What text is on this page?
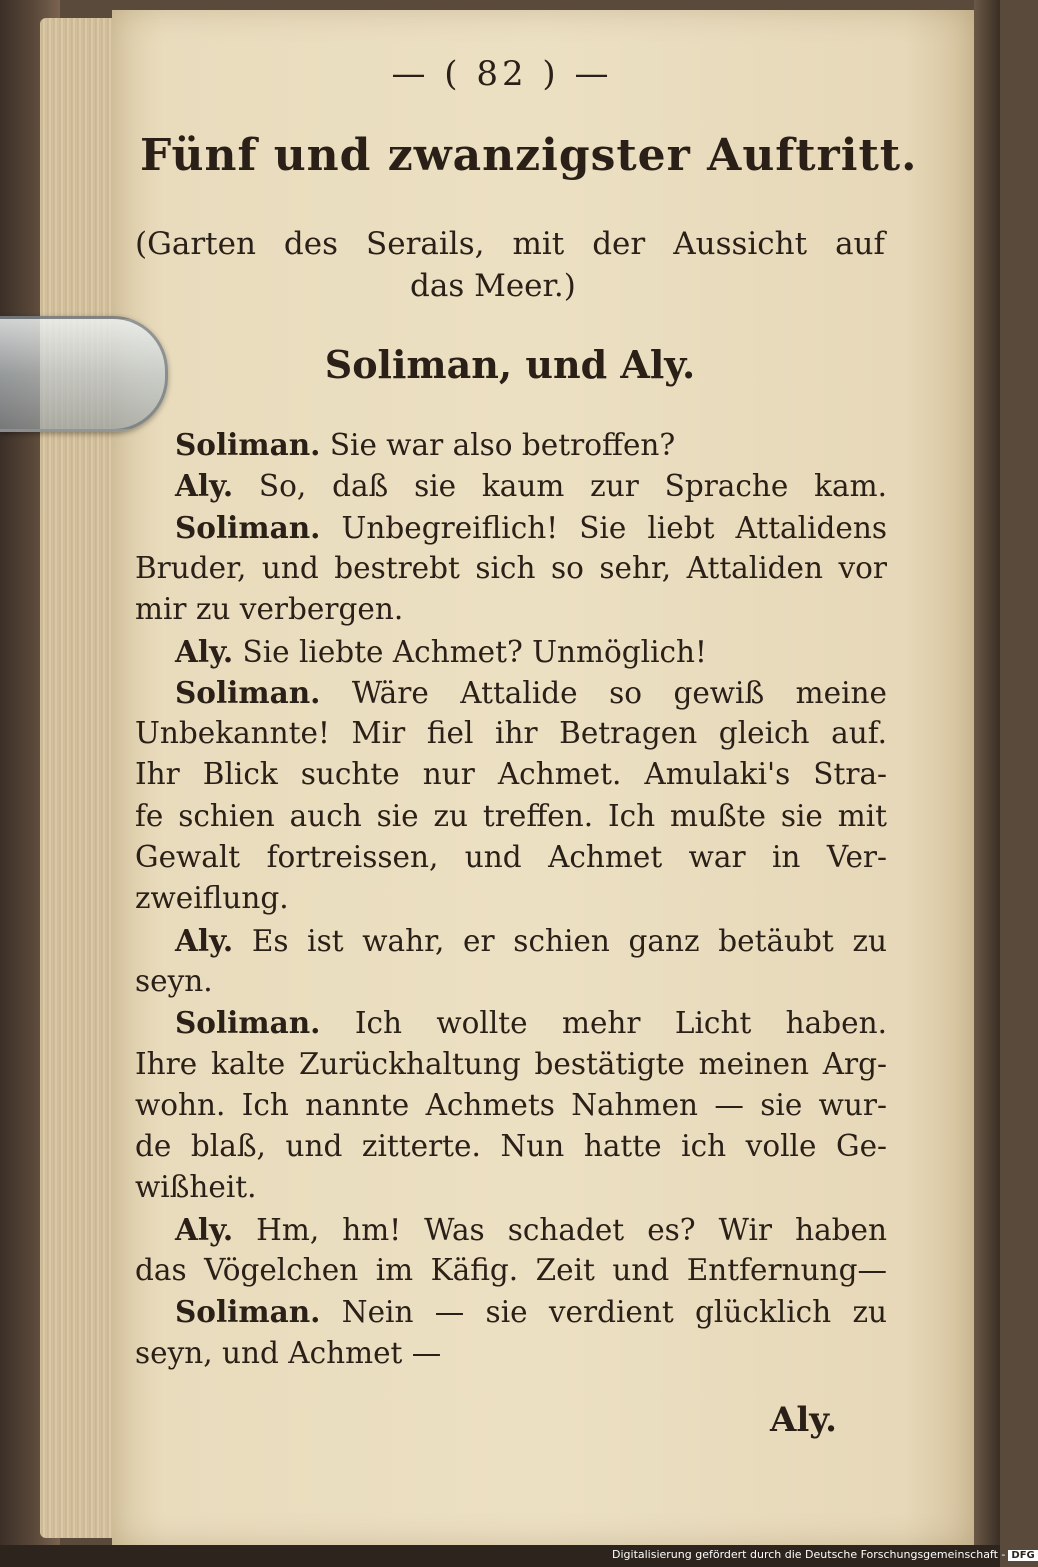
— ( 82 ) —
Fünf und zwanzigster Auftritt.
(Garten des Serails, mit der Aussicht auf
das Meer.)
Soliman, und Aly.
Soliman. Sie war also betroffen?
Aly. So, daß sie kaum zur Sprache kam.
Soliman. Unbegreiflich! Sie liebt Attalidens
Bruder, und bestrebt sich so sehr, Attaliden vor
mir zu verbergen.
Aly. Sie liebte Achmet? Unmöglich!
Soliman. Wäre Attalide so gewiß meine
Unbekannte! Mir fiel ihr Betragen gleich auf.
Ihr Blick suchte nur Achmet. Amulaki's Stra-
fe schien auch sie zu treffen. Ich mußte sie mit
Gewalt fortreissen, und Achmet war in Ver-
zweiflung.
Aly. Es ist wahr, er schien ganz betäubt zu
seyn.
Soliman. Ich wollte mehr Licht haben.
Ihre kalte Zurückhaltung bestätigte meinen Arg-
wohn. Ich nannte Achmets Nahmen — sie wur-
de blaß, und zitterte. Nun hatte ich volle Ge-
wißheit.
Aly. Hm, hm! Was schadet es? Wir haben
das Vögelchen im Käfig. Zeit und Entfernung—
Soliman. Nein — sie verdient glücklich zu
seyn, und Achmet —
Aly.
Digitalisierung gefördert durch die Deutsche Forschungsgemeinschaft - DFG
